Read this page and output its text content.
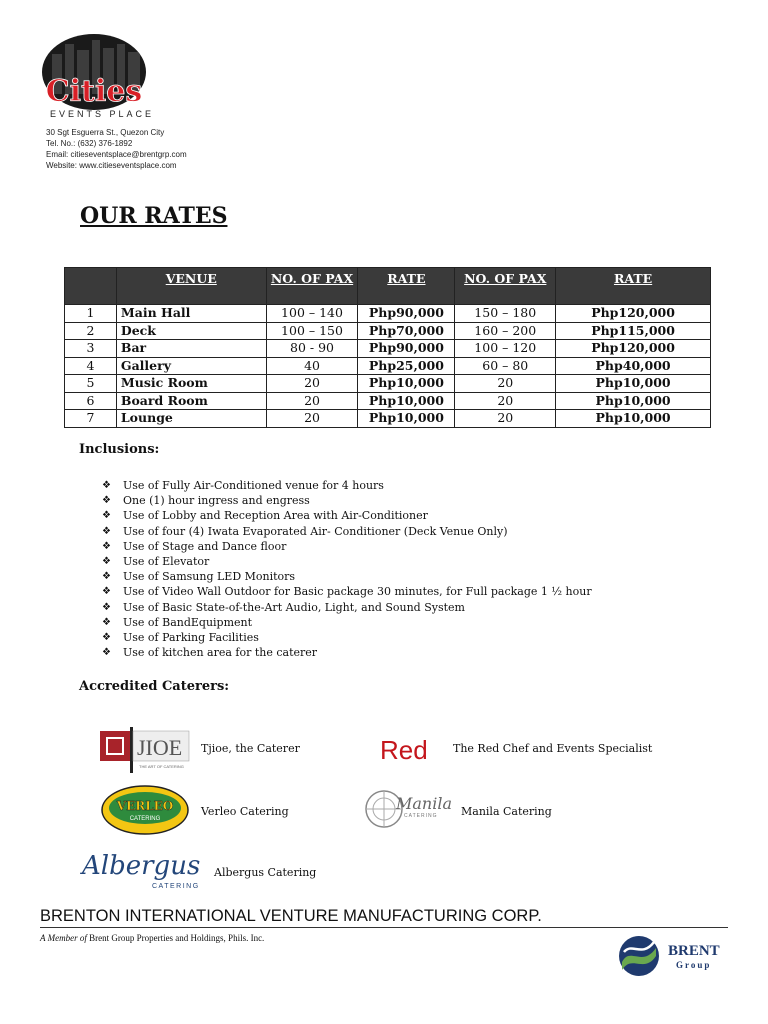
Cities
EVENTS PLACE
30 Sgt Esguerra St., Quezon City
Tel. No.: (632) 376-1892
Email: citieseventsplace@brentgrp.com
Website: www.citieseventsplace.com
OUR RATES
	VENUE	NO. OF PAX	RATE	NO. OF PAX	RATE
1	Main Hall	100 – 140	Php90,000	150 – 180	Php120,000
2	Deck	100 – 150	Php70,000	160 – 200	Php115,000
3	Bar	80 - 90	Php90,000	100 – 120	Php120,000
4	Gallery	40	Php25,000	60 – 80	Php40,000
5	Music Room	20	Php10,000	20	Php10,000
6	Board Room	20	Php10,000	20	Php10,000
7	Lounge	20	Php10,000	20	Php10,000
Inclusions:
❖ Use of Fully Air-Conditioned venue for 4 hours
❖ One (1) hour ingress and engress
❖ Use of Lobby and Reception Area with Air-Conditioner
❖ Use of four (4) Iwata Evaporated Air- Conditioner (Deck Venue Only)
❖ Use of Stage and Dance floor
❖ Use of Elevator
❖ Use of Samsung LED Monitors
❖ Use of Video Wall Outdoor for Basic package 30 minutes, for Full package 1 ½ hour
❖ Use of Basic State-of-the-Art Audio, Light, and Sound System
❖ Use of BandEquipment
❖ Use of Parking Facilities
❖ Use of kitchen area for the caterer
Accredited Caterers:
JIOE
THE ART OF CATERING
Tjioe, the Caterer	Red The Red Chef and Events Specialist
VERLEO
CATERING
Verleo Catering	Manila
CATERING Manila Catering
Albergus
CATERING
Albergus Catering
BRENTON INTERNATIONAL VENTURE MANUFACTURING CORP.
A Member of Brent Group Properties and Holdings, Phils. Inc.
BRENT
Group
